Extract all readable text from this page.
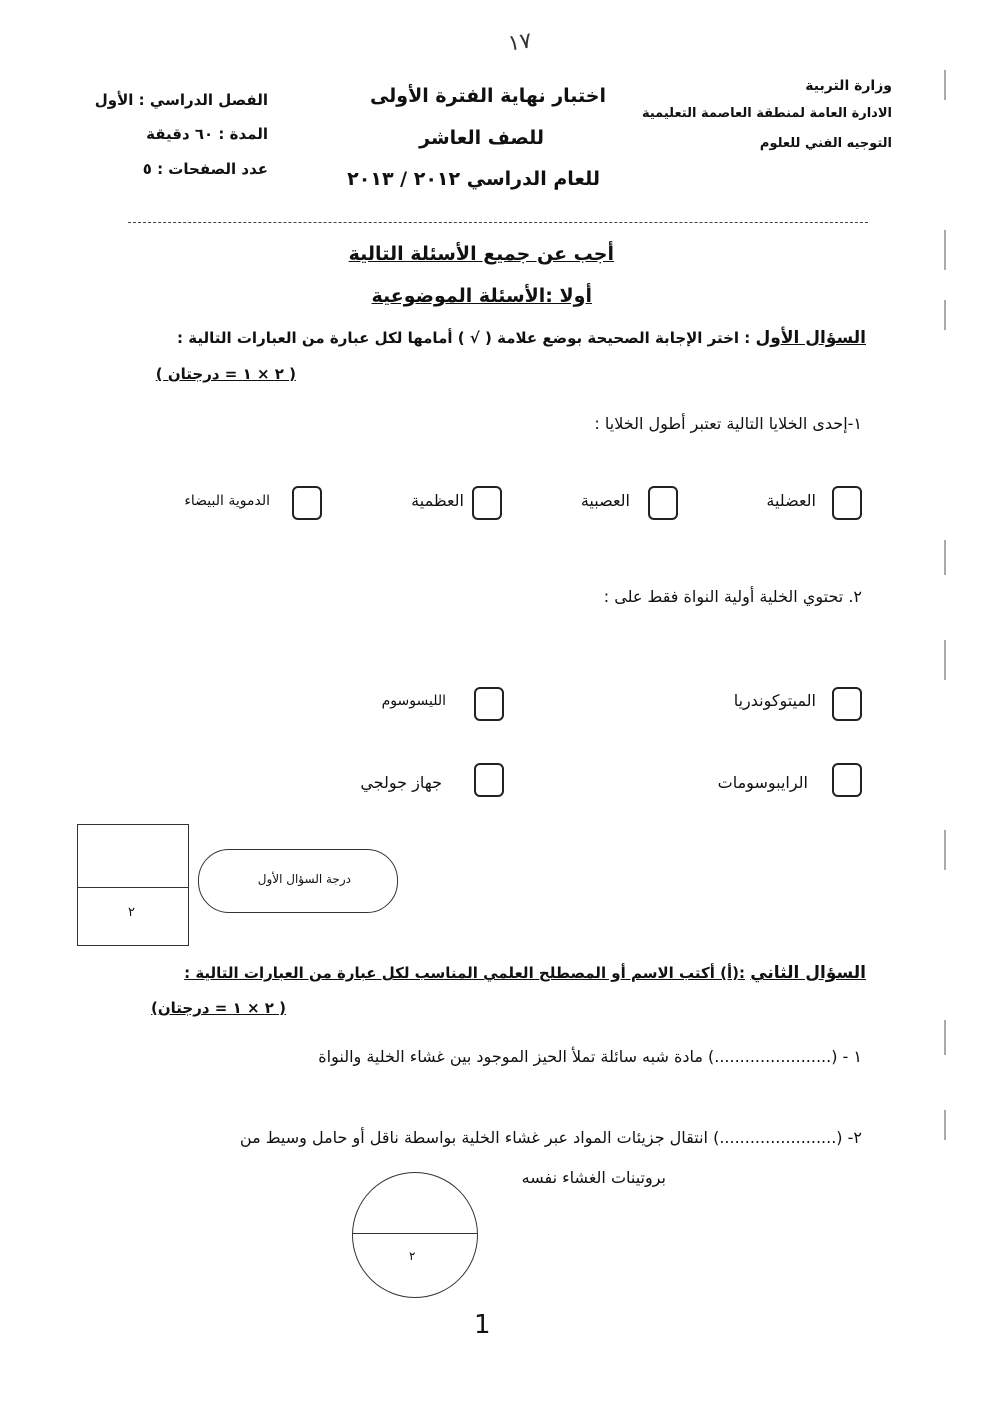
وزارة التربية
الادارة العامة لمنطقة العاصمة التعليمية
التوجيه الفني للعلوم
اختبار نهاية الفترة الأولى
للصف العاشر
للعام الدراسي ٢٠١٢ / ٢٠١٣
الفصل الدراسي : الأول
المدة : ٦٠ دقيقة
عدد الصفحات : ٥
١٧
أجب عن جميع الأسئلة التالية
أولا :الأسئلة الموضوعية
السؤال الأول : اختر الإجابة الصحيحة بوضع علامة ( √ ) أمامها لكل عبارة من العبارات التالية :
( ٢ × ١ = درجتان )
١-إحدى الخلايا التالية تعتبر أطول الخلايا :
العضلية
العصبية
العظمية
الدموية البيضاء
٢. تحتوي الخلية أولية النواة فقط على :
الميتوكوندريا
الليسوسوم
الرايبوسومات
جهاز جولجي
٢
درجة السؤال الأول
السؤال الثاني :(أ) أكتب الاسم أو المصطلح العلمي المناسب لكل عبارة من العبارات التالية :
( ٢ × ١ = درجتان)
١ - (.......................) مادة شبه سائلة تملأ الحيز الموجود بين غشاء الخلية والنواة
٢- (.......................) انتقال جزيئات المواد عبر غشاء الخلية بواسطة ناقل أو حامل وسيط من
بروتينات الغشاء نفسه
٢
1
